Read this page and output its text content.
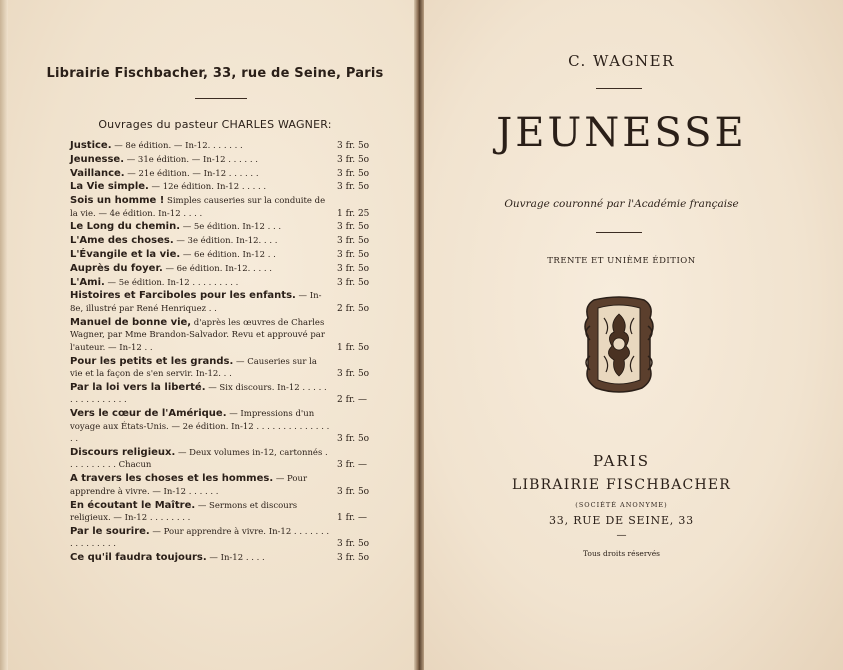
Librairie Fischbacher, 33, rue de Seine, Paris
Ouvrages du pasteur CHARLES WAGNER:
Justice. — 8e édition. — In-12. . . . . . .	3 fr. 5o
Jeunesse. — 31e édition. — In-12 . . . . . .	3 fr. 5o
Vaillance. — 21e édition. — In-12 . . . . . .	3 fr. 5o
La Vie simple. — 12e édition. In-12 . . . . .	3 fr. 5o
Sois un homme ! Simples causeries sur la conduite de la vie. — 4e édition. In-12 . . . .	1 fr. 25
Le Long du chemin. — 5e édition. In-12 . . .	3 fr. 5o
L'Ame des choses. — 3e édition. In-12. . . .	3 fr. 5o
L'Évangile et la vie. — 6e édition. In-12 . .	3 fr. 5o
Auprès du foyer. — 6e édition. In-12. . . . .	3 fr. 5o
L'Ami. — 5e édition. In-12 . . . . . . . . .	3 fr. 5o
Histoires et Farciboles pour les enfants. — In-8e, illustré par René Henriquez . .	2 fr. 5o
Manuel de bonne vie, d'après les œuvres de Charles Wagner, par Mme Brandon-Salvador. Revu et approuvé par l'auteur. — In-12 . .	1 fr. 5o
Pour les petits et les grands. — Causeries sur la vie et la façon de s'en servir. In-12. . .	3 fr. 5o
Par la loi vers la liberté. — Six discours. In-12 . . . . . . . . . . . . . . . .	2 fr. —
Vers le cœur de l'Amérique. — Impressions d'un voyage aux États-Unis. — 2e édition. In-12 . . . . . . . . . . . . . . . .	3 fr. 5o
Discours religieux. — Deux volumes in-12, cartonnés . . . . . . . . . . Chacun	3 fr. —
A travers les choses et les hommes. — Pour apprendre à vivre. — In-12 . . . . . .	3 fr. 5o
En écoutant le Maître. — Sermons et discours religieux. — In-12 . . . . . . . .	1 fr. —
Par le sourire. — Pour apprendre à vivre. In-12 . . . . . . . . . . . . . . . .	3 fr. 5o
Ce qu'il faudra toujours. — In-12 . . . .	3 fr. 5o
C. WAGNER
JEUNESSE
Ouvrage couronné par l'Académie française
TRENTE ET UNIÈME ÉDITION
PARIS
LIBRAIRIE FISCHBACHER
(SOCIÉTÉ ANONYME)
33, RUE DE SEINE, 33
—
Tous droits réservés
